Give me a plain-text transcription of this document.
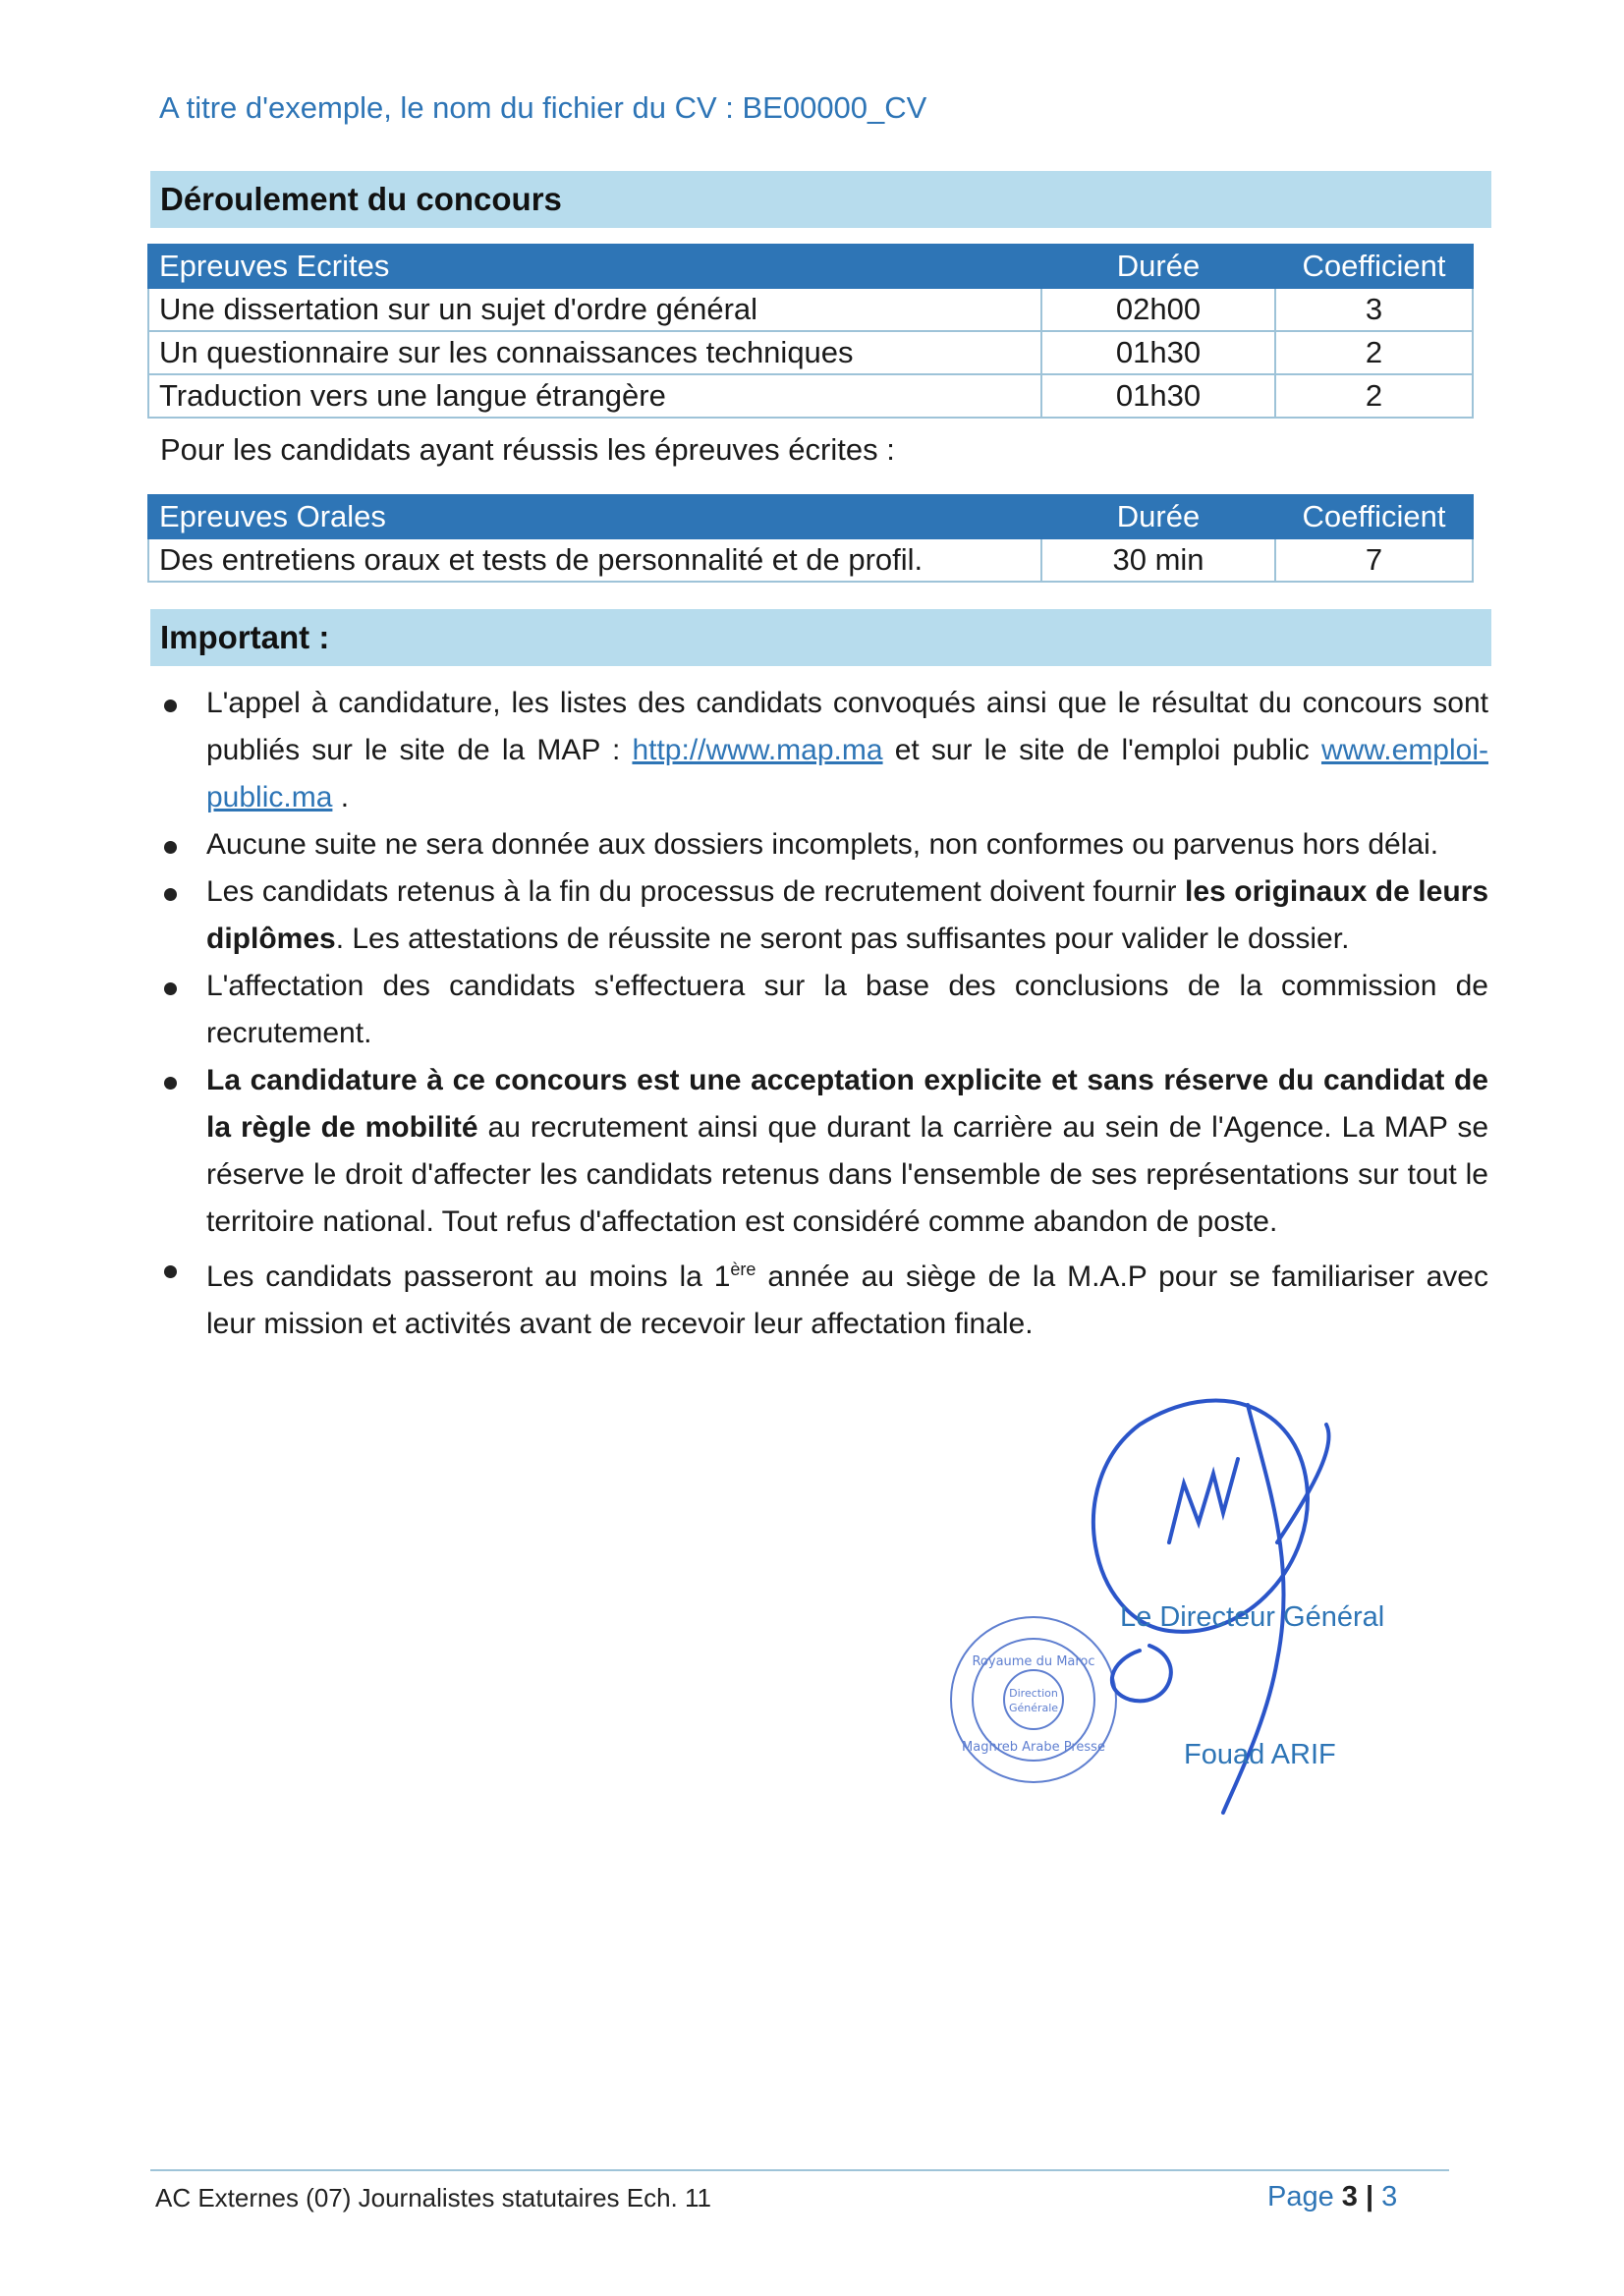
A titre d'exemple, le nom du fichier du CV : BE00000_CV
Déroulement du concours
Epreuves Ecrites	Durée	Coefficient
Une dissertation sur un sujet d'ordre général	02h00	3
Un questionnaire sur les connaissances techniques	01h30	2
Traduction vers une langue étrangère	01h30	2
Pour les candidats ayant réussis les épreuves écrites :
Epreuves Orales	Durée	Coefficient
Des entretiens oraux et tests de personnalité et de profil.	30 min	7
Important :
L'appel à candidature, les listes des candidats convoqués ainsi que le résultat du concours sont publiés sur le site de la MAP : http://www.map.ma et sur le site de l'emploi public www.emploi-public.ma .
Aucune suite ne sera donnée aux dossiers incomplets, non conformes ou parvenus hors délai.
Les candidats retenus à la fin du processus de recrutement doivent fournir les originaux de leurs diplômes. Les attestations de réussite ne seront pas suffisantes pour valider le dossier.
L'affectation des candidats s'effectuera sur la base des conclusions de la commission de recrutement.
La candidature à ce concours est une acceptation explicite et sans réserve du candidat de la règle de mobilité au recrutement ainsi que durant la carrière au sein de l'Agence. La MAP se réserve le droit d'affecter les candidats retenus dans l'ensemble de ses représentations sur tout le territoire national. Tout refus d'affectation est considéré comme abandon de poste.
Les candidats passeront au moins la 1ère année au siège de la M.A.P pour se familiariser avec leur mission et activités avant de recevoir leur affectation finale.
Royaume du Maroc
Direction
Générale
Maghreb Arabe Presse
Le Directeur Général
Fouad ARIF
AC Externes (07) Journalistes statutaires Ech. 11	Page 3 | 3
